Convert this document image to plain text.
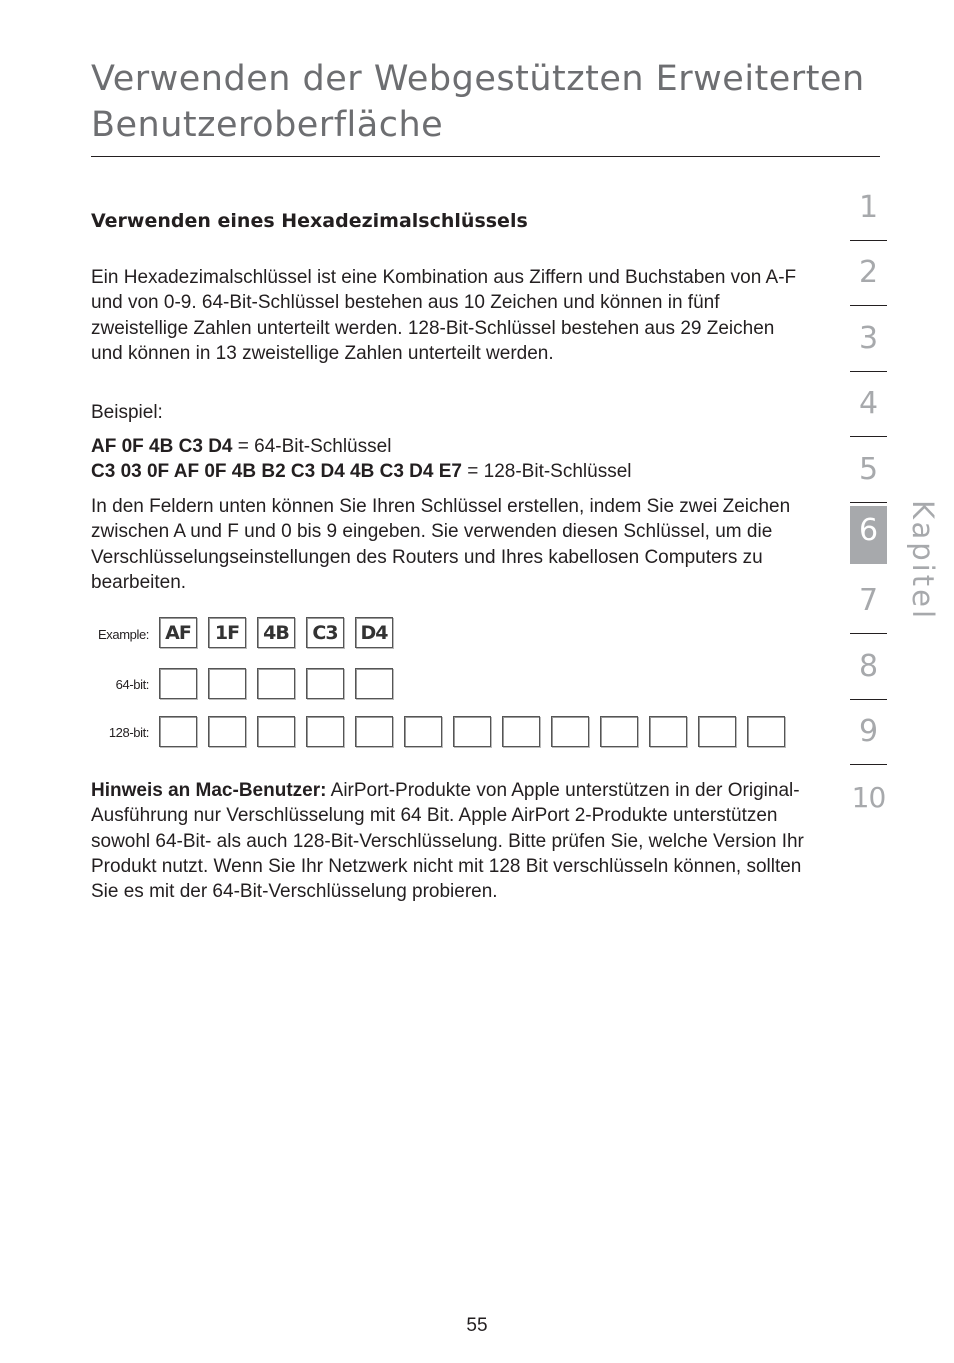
Verwenden der Webgestützten Erweiterten
Benutzeroberfläche
Verwenden eines Hexadezimalschlüssels

Ein Hexadezimalschlüssel ist eine Kombination aus Ziffern und Buchstaben von A-F und von 0-9. 64-Bit-Schlüssel bestehen aus 10 Zeichen und können in fünf zweistellige Zahlen unterteilt werden. 128-Bit-Schlüssel bestehen aus 29 Zeichen und können in 13 zweistellige Zahlen unterteilt werden.

Beispiel:

AF 0F 4B C3 D4 = 64-Bit-Schlüssel

C3 03 0F AF 0F 4B B2 C3 D4 4B C3 D4 E7 = 128-Bit-Schlüssel

In den Feldern unten können Sie Ihren Schlüssel erstellen, indem Sie zwei Zeichen zwischen A und F und 0 bis 9 eingeben. Sie verwenden diesen Schlüssel, um die Verschlüsselungseinstellungen des Routers und Ihres kabellosen Computers zu bearbeiten.

Example: AF	1F	4B	C3	D4
64-bit:
128-bit:

Hinweis an Mac-Benutzer: AirPort-Produkte von Apple unterstützen in der Original-Ausführung nur Verschlüsselung mit 64 Bit. Apple AirPort 2-Produkte unterstützen sowohl 64-Bit- als auch 128-Bit-Verschlüsselung. Bitte prüfen Sie, welche Version Ihr Produkt nutzt. Wenn Sie Ihr Netzwerk nicht mit 128 Bit verschlüsseln können, sollten Sie es mit der 64-Bit-Verschlüsselung probieren.

1
2
3
4
5
6
7
8
9
10
Kapitel
55
